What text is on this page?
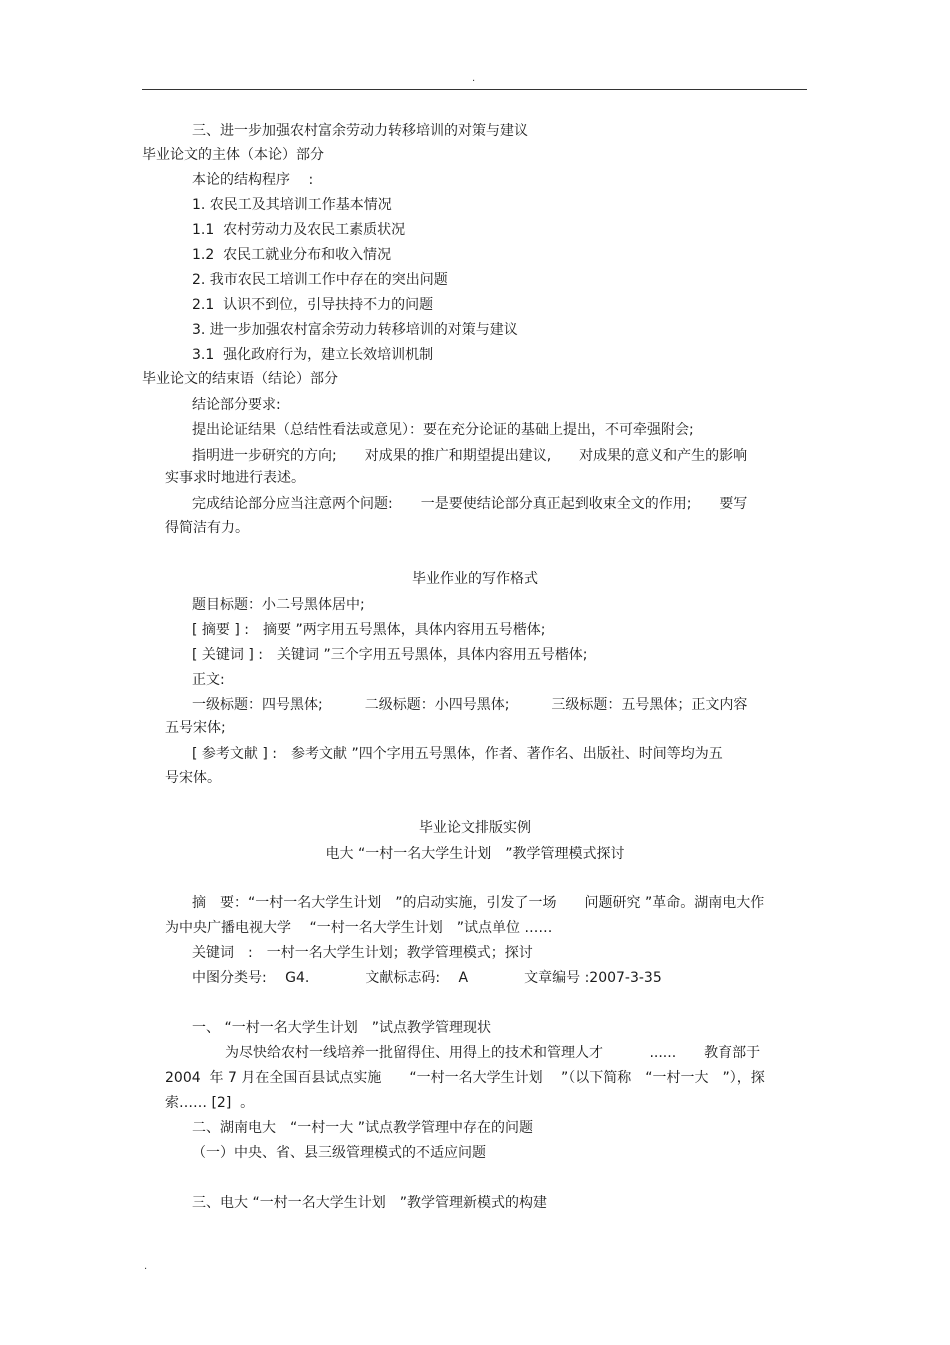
.
三、进一步加强农村富余劳动力转移培训的对策与建议
毕业论文的主体（本论）部分
本论的结构程序　 :
1. 农民工及其培训工作基本情况
1.1  农村劳动力及农民工素质状况
1.2  农民工就业分布和收入情况
2. 我市农民工培训工作中存在的突出问题
2.1  认识不到位，引导扶持不力的问题
3. 进一步加强农村富余劳动力转移培训的对策与建议
3.1  强化政府行为，建立长效培训机制
毕业论文的结束语（结论）部分
结论部分要求:
提出论证结果（总结性看法或意见）：要在充分论证的基础上提出，不可牵强附会;
指明进一步研究的方向;　　对成果的推广和期望提出建议,　　对成果的意义和产生的影响
实事求时地进行表述。
完成结论部分应当注意两个问题:　　一是要使结论部分真正起到收束全文的作用;　　要写
得简洁有力。
毕业作业的写作格式
题目标题：小二号黑体居中;
[ 摘要 ] :　摘要 ”两字用五号黑体，具体内容用五号楷体;
[ 关键词 ] :　关键词 ”三个字用五号黑体，具体内容用五号楷体;
正文:
一级标题：四号黑体;　　　二级标题：小四号黑体;　　　三级标题：五号黑体；正文内容
五号宋体;
[ 参考文献 ] :　参考文献 ”四个字用五号黑体，作者、著作名、出版社、时间等均为五
号宋体。
毕业论文排版实例
电大 “一村一名大学生计划　”教学管理模式探讨
摘　要：“一村一名大学生计划　”的启动实施，引发了一场　　问题研究 ”革命。湖南电大作
为中央广播电视大学　 “一村一名大学生计划　”试点单位 ……
关键词　:　一村一名大学生计划；教学管理模式；探讨
中图分类号:　 G4.　　　　文献标志码:　 A　　　　文章编号 :2007-3-35
一、 “一村一名大学生计划　”试点教学管理现状
为尽快给农村一线培养一批留得住、用得上的技术和管理人才　　　 ......　　教育部于
2004  年 7 月在全国百县试点实施　　“一村一名大学生计划　 ”（以下简称　“一村一大　”），探
索…… [2]  。
二、湖南电大　“一村一大 ”试点教学管理中存在的问题
（一）中央、省、县三级管理模式的不适应问题
三、电大 “一村一名大学生计划　”教学管理新模式的构建
.
